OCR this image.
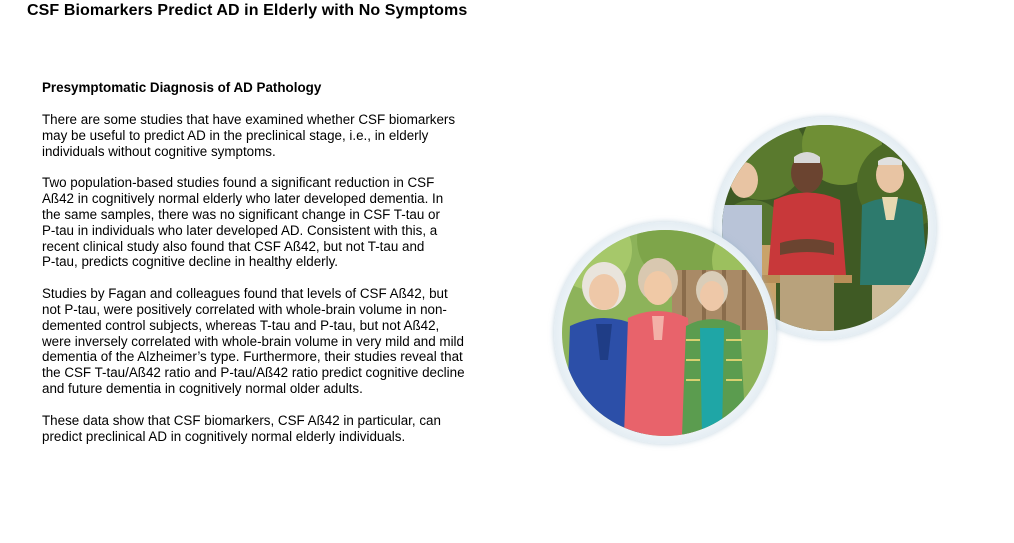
CSF Biomarkers Predict AD in Elderly with No Symptoms
Presymptomatic Diagnosis of AD Pathology
There are some studies that have examined whether CSF biomarkers
may be useful to predict AD in the preclinical stage, i.e., in elderly
individuals without cognitive symptoms.
Two population-based studies found a significant reduction in CSF
Aß42 in cognitively normal elderly who later developed dementia. In
the same samples, there was no significant change in CSF T-tau or
P-tau in individuals who later developed AD. Consistent with this, a
recent clinical study also found that CSF Aß42, but not T-tau and
P-tau, predicts cognitive decline in healthy elderly.
Studies by Fagan and colleagues found that levels of CSF Aß42, but
not P-tau, were positively correlated with whole-brain volume in non-
demented control subjects, whereas T-tau and P-tau, but not Aß42,
were inversely correlated with whole-brain volume in very mild and mild
dementia of the Alzheimer’s type. Furthermore, their studies reveal that
the CSF T-tau/Aß42 ratio and P-tau/Aß42 ratio predict cognitive decline
and future dementia in cognitively normal older adults.
These data show that CSF biomarkers, CSF Aß42 in particular, can
predict preclinical AD in cognitively normal elderly individuals.
